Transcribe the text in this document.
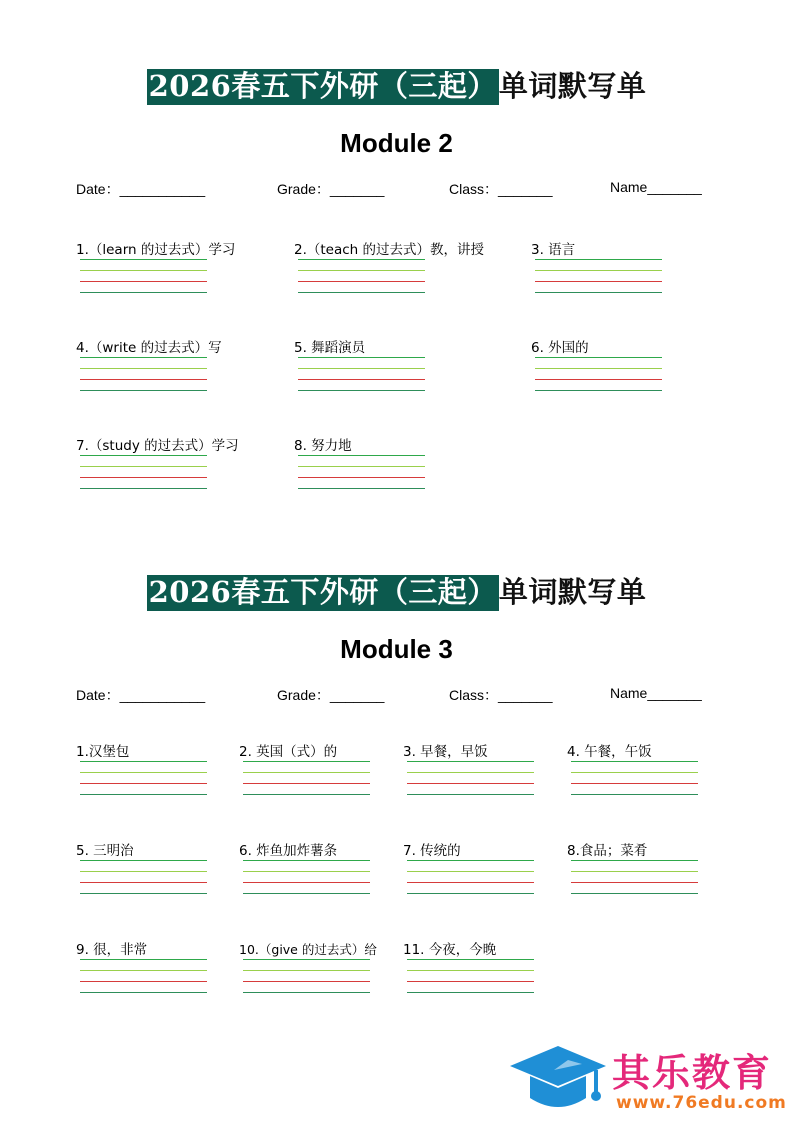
2026春五下外研（三起）单词默写单
Module 2
Date：___________	Grade：_______	Class：_______	Name_______
1.（learn 的过去式）学习	2.（teach 的过去式）教，讲授	3. 语言
4.（write 的过去式）写	5. 舞蹈演员	6. 外国的
7.（study 的过去式）学习	8. 努力地
2026春五下外研（三起）单词默写单
Module 3
Date：___________	Grade：_______	Class：_______	Name_______
1.汉堡包	2. 英国（式）的	3. 早餐，早饭	4. 午餐，午饭
5. 三明治	6. 炸鱼加炸薯条	7. 传统的	8.食品；菜肴
9. 很，非常	10.（give 的过去式）给	11. 今夜，今晚
其乐教育
www.76edu.com
